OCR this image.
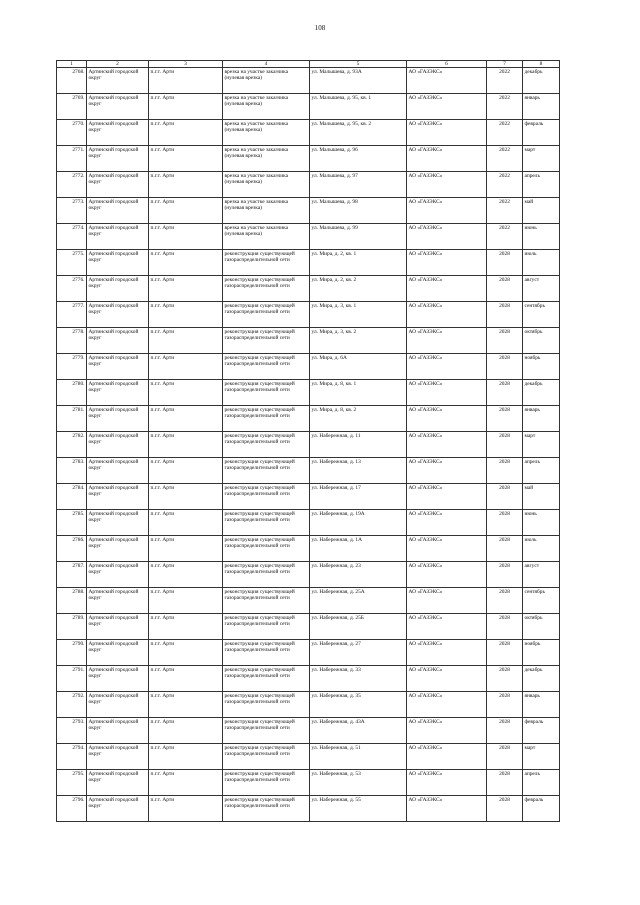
108
1	2	3	4	5	6	7	8
2768.	Артинский городской округ	п.г.т. Арти	врезка на участке заказчика (нулевая врезка)	ул. Малышева, д. 93А	АО «ГАЗЭКС»	2022	декабрь
2769.	Артинский городской округ	п.г.т. Арти	врезка на участке заказчика (нулевая врезка)	ул. Малышева, д. 95, кв. 1	АО «ГАЗЭКС»	2022	январь
2770.	Артинский городской округ	п.г.т. Арти	врезка на участке заказчика (нулевая врезка)	ул. Малышева, д. 95, кв. 2	АО «ГАЗЭКС»	2022	февраль
2771.	Артинский городской округ	п.г.т. Арти	врезка на участке заказчика (нулевая врезка)	ул. Малышева, д. 96	АО «ГАЗЭКС»	2022	март
2772.	Артинский городской округ	п.г.т. Арти	врезка на участке заказчика (нулевая врезка)	ул. Малышева, д. 97	АО «ГАЗЭКС»	2022	апрель
2773.	Артинский городской округ	п.г.т. Арти	врезка на участке заказчика (нулевая врезка)	ул. Малышева, д. 98	АО «ГАЗЭКС»	2022	май
2774.	Артинский городской округ	п.г.т. Арти	врезка на участке заказчика (нулевая врезка)	ул. Малышева, д. 99	АО «ГАЗЭКС»	2022	июнь
2775.	Артинский городской округ	п.г.т. Арти	реконструкция существующей газораспределительной сети	ул. Мира, д. 2, кв. 1	АО «ГАЗЭКС»	2028	июль
2776.	Артинский городской округ	п.г.т. Арти	реконструкция существующей газораспределительной сети	ул. Мира, д. 2, кв. 2	АО «ГАЗЭКС»	2028	август
2777.	Артинский городской округ	п.г.т. Арти	реконструкция существующей газораспределительной сети	ул. Мира, д. 3, кв. 1	АО «ГАЗЭКС»	2028	сентябрь
2778.	Артинский городской округ	п.г.т. Арти	реконструкция существующей газораспределительной сети	ул. Мира, д. 3, кв. 2	АО «ГАЗЭКС»	2028	октябрь
2779.	Артинский городской округ	п.г.т. Арти	реконструкция существующей газораспределительной сети	ул. Мира, д. 6А	АО «ГАЗЭКС»	2028	ноябрь
2780.	Артинский городской округ	п.г.т. Арти	реконструкция существующей газораспределительной сети	ул. Мира, д. 8, кв. 1	АО «ГАЗЭКС»	2028	декабрь
2781.	Артинский городской округ	п.г.т. Арти	реконструкция существующей газораспределительной сети	ул. Мира, д. 8, кв. 2	АО «ГАЗЭКС»	2028	январь
2782.	Артинский городской округ	п.г.т. Арти	реконструкция существующей газораспределительной сети	ул. Набережная, д. 11	АО «ГАЗЭКС»	2028	март
2783.	Артинский городской округ	п.г.т. Арти	реконструкция существующей газораспределительной сети	ул. Набережная, д. 13	АО «ГАЗЭКС»	2028	апрель
2784.	Артинский городской округ	п.г.т. Арти	реконструкция существующей газораспределительной сети	ул. Набережная, д. 17	АО «ГАЗЭКС»	2028	май
2785.	Артинский городской округ	п.г.т. Арти	реконструкция существующей газораспределительной сети	ул. Набережная, д. 19А	АО «ГАЗЭКС»	2028	июнь
2786.	Артинский городской округ	п.г.т. Арти	реконструкция существующей газораспределительной сети	ул. Набережная, д. 1А	АО «ГАЗЭКС»	2028	июль
2787.	Артинский городской округ	п.г.т. Арти	реконструкция существующей газораспределительной сети	ул. Набережная, д. 23	АО «ГАЗЭКС»	2028	август
2788.	Артинский городской округ	п.г.т. Арти	реконструкция существующей газораспределительной сети	ул. Набережная, д. 25А	АО «ГАЗЭКС»	2028	сентябрь
2789.	Артинский городской округ	п.г.т. Арти	реконструкция существующей газораспределительной сети	ул. Набережная, д. 25Б	АО «ГАЗЭКС»	2028	октябрь
2790.	Артинский городской округ	п.г.т. Арти	реконструкция существующей газораспределительной сети	ул. Набережная, д. 27	АО «ГАЗЭКС»	2028	ноябрь
2791.	Артинский городской округ	п.г.т. Арти	реконструкция существующей газораспределительной сети	ул. Набережная, д. 33	АО «ГАЗЭКС»	2028	декабрь
2792.	Артинский городской округ	п.г.т. Арти	реконструкция существующей газораспределительной сети	ул. Набережная, д. 35	АО «ГАЗЭКС»	2028	январь
2793.	Артинский городской округ	п.г.т. Арти	реконструкция существующей газораспределительной сети	ул. Набережная, д. 43А	АО «ГАЗЭКС»	2028	февраль
2794.	Артинский городской округ	п.г.т. Арти	реконструкция существующей газораспределительной сети	ул. Набережная, д. 51	АО «ГАЗЭКС»	2028	март
2795.	Артинский городской округ	п.г.т. Арти	реконструкция существующей газораспределительной сети	ул. Набережная, д. 53	АО «ГАЗЭКС»	2028	апрель
2796.	Артинский городской округ	п.г.т. Арти	реконструкция существующей газораспределительной сети	ул. Набережная, д. 55	АО «ГАЗЭКС»	2028	февраль
